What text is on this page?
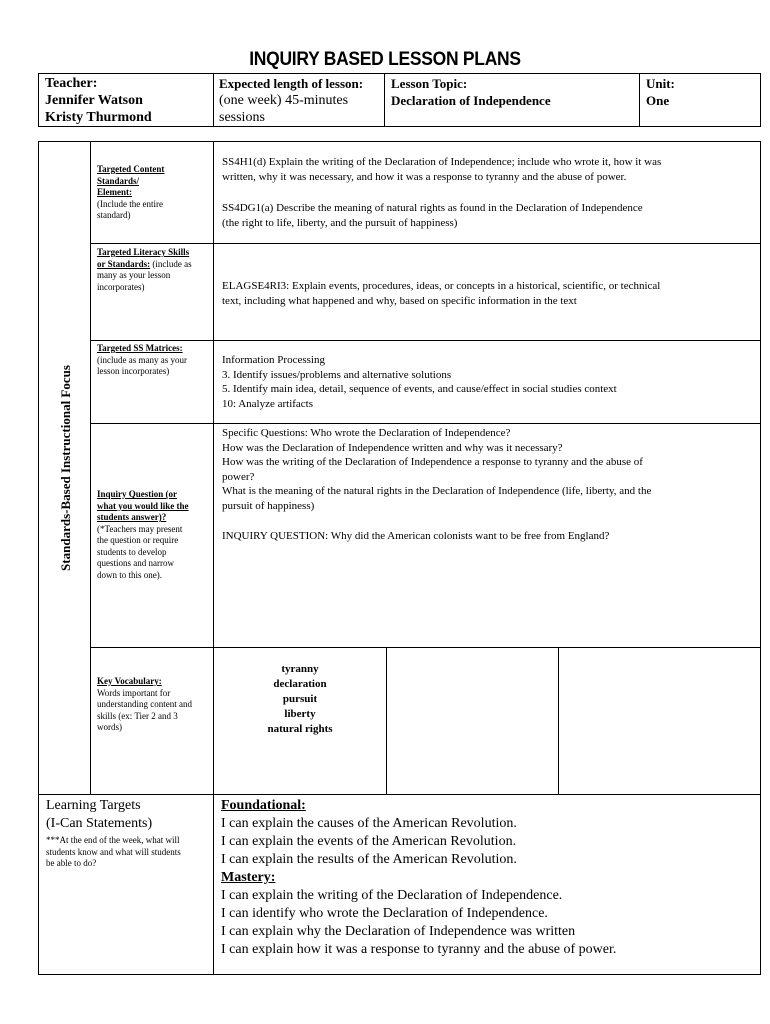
INQUIRY BASED LESSON PLANS
Teacher:
Jennifer Watson
Kristy Thurmond
Expected length of lesson:
(one week) 45-minutes
sessions
Lesson Topic:
Declaration of Independence
Unit:
One
Standards-Based Instructional Focus
Targeted Content
Standards/
Element:
(Include the entire
standard)
SS4H1(d) Explain the writing of the Declaration of Independence; include who wrote it, how it was
written, why it was necessary, and how it was a response to tyranny and the abuse of power.
SS4DG1(a) Describe the meaning of natural rights as found in the Declaration of Independence
(the right to life, liberty, and the pursuit of happiness)
Targeted Literacy Skills
or Standards: (include as
many as your lesson
incorporates)	ELAGSE4RI3: Explain events, procedures, ideas, or concepts in a historical, scientific, or technical
text, including what happened and why, based on specific information in the text
Targeted SS Matrices:
(include as many as your
lesson incorporates)
Information Processing
3. Identify issues/problems and alternative solutions
5. Identify main idea, detail, sequence of events, and cause/effect in social studies context
10: Analyze artifacts
Inquiry Question (or
what you would like the
students answer)?
(*Teachers may present
the question or require
students to develop
questions and narrow
down to this one).
Specific Questions: Who wrote the Declaration of Independence?
How was the Declaration of Independence written and why was it necessary?
How was the writing of the Declaration of Independence a response to tyranny and the abuse of
power?
What is the meaning of the natural rights in the Declaration of Independence (life, liberty, and the
pursuit of happiness)
INQUIRY QUESTION: Why did the American colonists want to be free from England?
Key Vocabulary:
Words important for
understanding content and
skills (ex: Tier 2 and 3
words)
tyranny
declaration
pursuit
liberty
natural rights
Learning Targets
(I-Can Statements)
***At the end of the week, what will
students know and what will students
be able to do?
Foundational:
I can explain the causes of the American Revolution.
I can explain the events of the American Revolution.
I can explain the results of the American Revolution.
Mastery:
I can explain the writing of the Declaration of Independence.
I can identify who wrote the Declaration of Independence.
I can explain why the Declaration of Independence was written
I can explain how it was a response to tyranny and the abuse of power.
